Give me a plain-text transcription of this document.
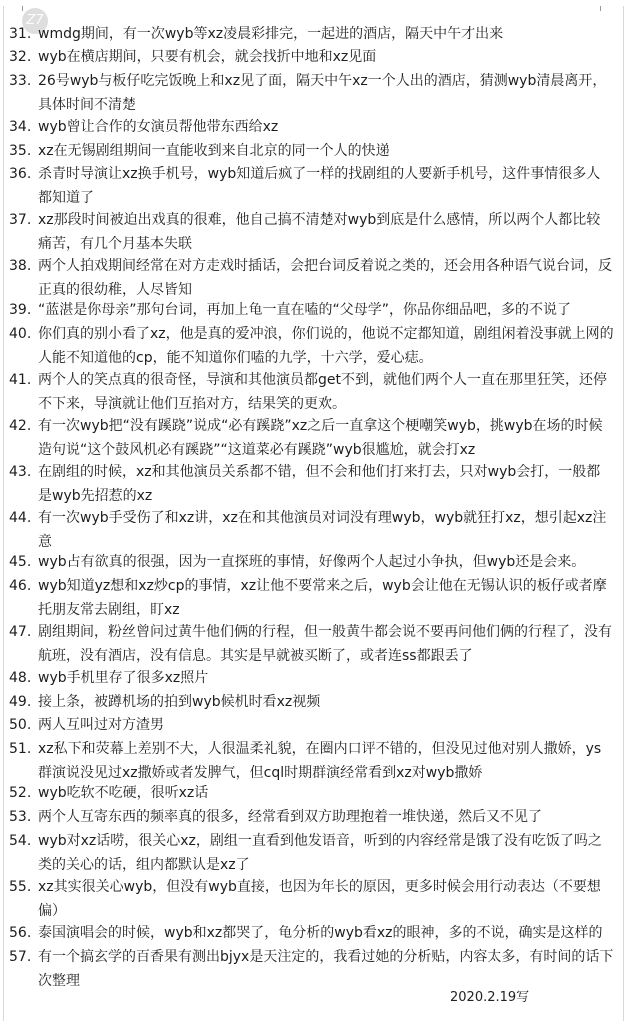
Z7
31. wmdg期间，有一次wyb等xz凌晨彩排完，一起进的酒店，隔天中午才出来

32. wyb在横店期间，只要有机会，就会找折中地和xz见面

33. 26号wyb与板仔吃完饭晚上和xz见了面，隔天中午xz一个人出的酒店，猜测wyb清晨离开，具体时间不清楚

34. wyb曾让合作的女演员帮他带东西给xz

35. xz在无锡剧组期间一直能收到来自北京的同一个人的快递

36. 杀青时导演让xz换手机号，wyb知道后疯了一样的找剧组的人要新手机号，这件事情很多人都知道了

37. xz那段时间被迫出戏真的很难，他自己搞不清楚对wyb到底是什么感情，所以两个人都比较痛苦，有几个月基本失联

38. 两个人拍戏期间经常在对方走戏时插话，会把台词反着说之类的，还会用各种语气说台词，反正真的很幼稚，人尽皆知

39. “蓝湛是你母亲”那句台词，再加上龟一直在嗑的“父母学”，你品你细品吧，多的不说了

40. 你们真的别小看了xz，他是真的爱冲浪，你们说的，他说不定都知道，剧组闲着没事就上网的人能不知道他的cp，能不知道你们嗑的九学，十六学，爱心痣。

41. 两个人的笑点真的很奇怪，导演和其他演员都get不到，就他们两个人一直在那里狂笑，还停不下来，导演就让他们互掐对方，结果笑的更欢。

42. 有一次wyb把“没有蹊跷”说成“必有蹊跷”xz之后一直拿这个梗嘲笑wyb，挑wyb在场的时候造句说“这个鼓风机必有蹊跷”“这道菜必有蹊跷”wyb很尴尬，就会打xz

43. 在剧组的时候，xz和其他演员关系都不错，但不会和他们打来打去，只对wyb会打，一般都是wyb先招惹的xz

44. 有一次wyb手受伤了和xz讲，xz在和其他演员对词没有理wyb，wyb就狂打xz，想引起xz注意

45. wyb占有欲真的很强，因为一直探班的事情，好像两个人起过小争执，但wyb还是会来。

46. wyb知道yz想和xz炒cp的事情，xz让他不要常来之后，wyb会让他在无锡认识的板仔或者摩托朋友常去剧组，盯xz

47. 剧组期间，粉丝曾问过黄牛他们俩的行程，但一般黄牛都会说不要再问他们俩的行程了，没有航班，没有酒店，没有信息。其实是早就被买断了，或者连ss都跟丢了

48. wyb手机里存了很多xz照片

49. 接上条，被蹲机场的拍到wyb候机时看xz视频

50. 两人互叫过对方渣男

51. xz私下和荧幕上差别不大，人很温柔礼貌，在圈内口评不错的，但没见过他对别人撒娇，ys群演说没见过xz撒娇或者发脾气，但cql时期群演经常看到xz对wyb撒娇

52. wyb吃软不吃硬，很听xz话

53. 两个人互寄东西的频率真的很多，经常看到双方助理抱着一堆快递，然后又不见了

54. wyb对xz话唠，很关心xz，剧组一直看到他发语音，听到的内容经常是饿了没有吃饭了吗之类的关心的话，组内都默认是xz了

55. xz其实很关心wyb，但没有wyb直接，也因为年长的原因，更多时候会用行动表达（不要想偏）

56. 泰国演唱会的时候，wyb和xz都哭了，龟分析的wyb看xz的眼神，多的不说，确实是这样的

57. 有一个搞玄学的百香果有测出bjyx是天注定的，我看过她的分析贴，内容太多，有时间的话下次整理

2020.2.19写
